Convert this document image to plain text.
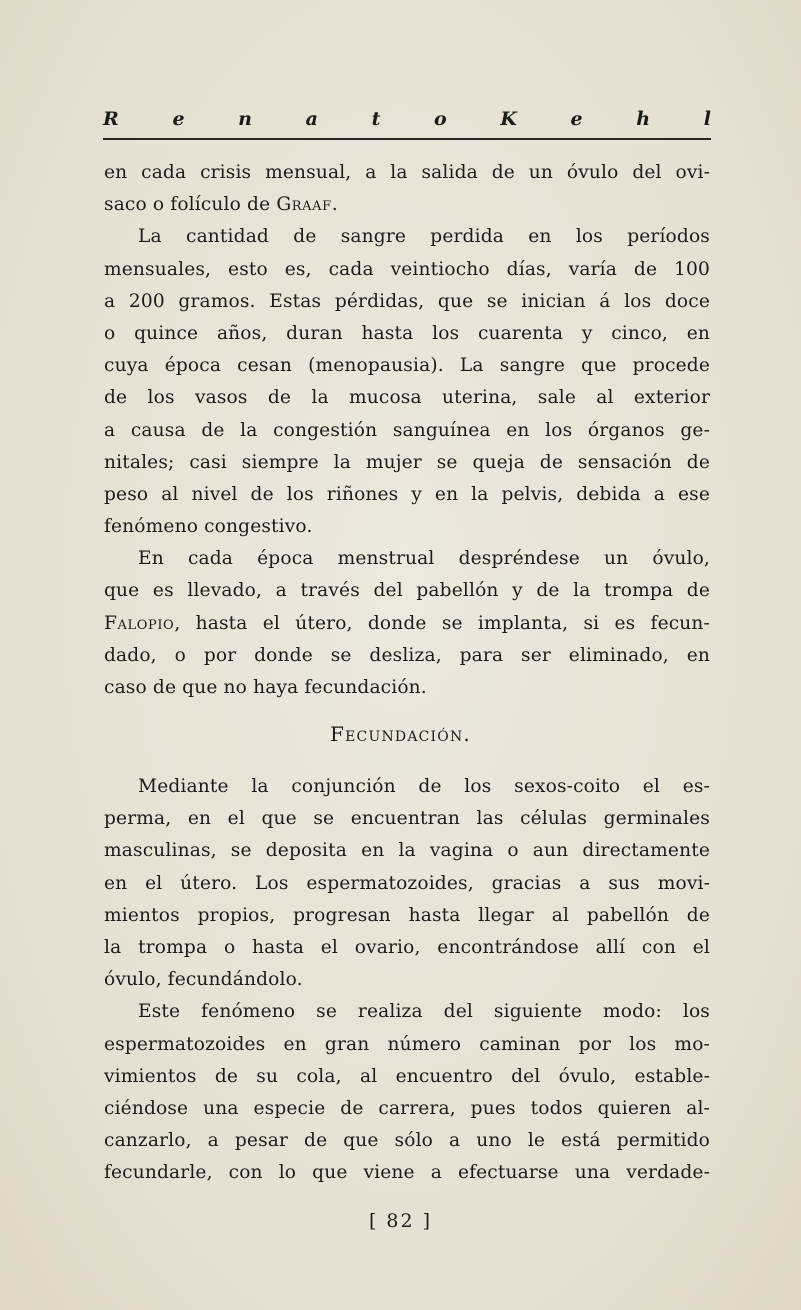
R	e	n	a	t	o	K	e	h	l
en cada crisis mensual, a la salida de un óvulo del ovi-
saco o folículo de Graaf.
La cantidad de sangre perdida en los períodos
mensuales, esto es, cada veintiocho días, varía de 100
a 200 gramos. Estas pérdidas, que se inician á los doce
o quince años, duran hasta los cuarenta y cinco, en
cuya época cesan (menopausia). La sangre que procede
de los vasos de la mucosa uterina, sale al exterior
a causa de la congestión sanguínea en los órganos ge-
nitales; casi siempre la mujer se queja de sensación de
peso al nivel de los riñones y en la pelvis, debida a ese
fenómeno congestivo.
En cada época menstrual despréndese un óvulo,
que es llevado, a través del pabellón y de la trompa de
Falopio, hasta el útero, donde se implanta, si es fecun-
dado, o por donde se desliza, para ser eliminado, en
caso de que no haya fecundación.
Fecundación.
Mediante la conjunción de los sexos-coito el es-
perma, en el que se encuentran las células germinales
masculinas, se deposita en la vagina o aun directamente
en el útero. Los espermatozoides, gracias a sus movi-
mientos propios, progresan hasta llegar al pabellón de
la trompa o hasta el ovario, encontrándose allí con el
óvulo, fecundándolo.
Este fenómeno se realiza del siguiente modo: los
espermatozoides en gran número caminan por los mo-
vimientos de su cola, al encuentro del óvulo, estable-
ciéndose una especie de carrera, pues todos quieren al-
canzarlo, a pesar de que sólo a uno le está permitido
fecundarle, con lo que viene a efectuarse una verdade-
[ 82 ]
